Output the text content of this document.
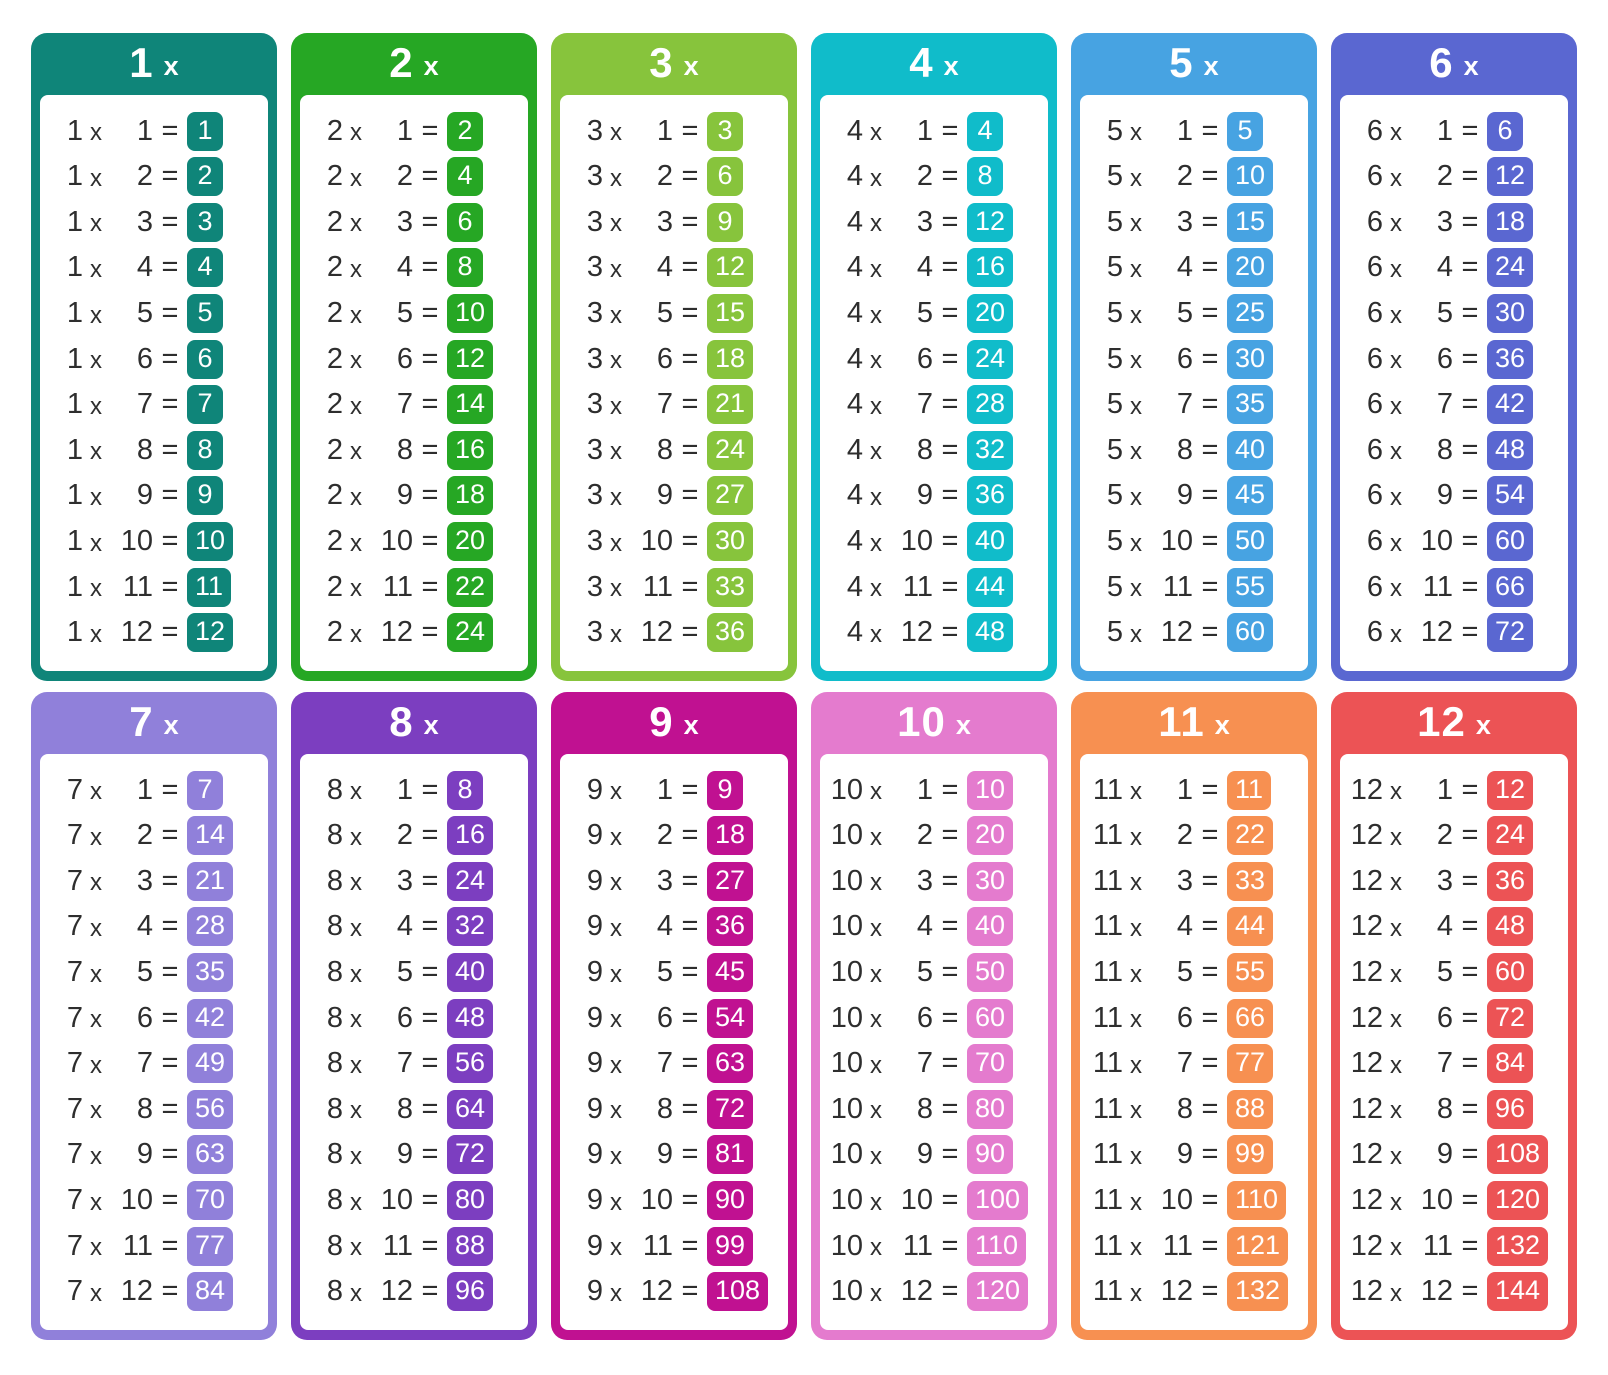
1 x
1 x 1 = 1
1 x 2 = 2
1 x 3 = 3
1 x 4 = 4
1 x 5 = 5
1 x 6 = 6
1 x 7 = 7
1 x 8 = 8
1 x 9 = 9
1 x 10 = 10
1 x 11 = 11
1 x 12 = 12
2 x
2 x 1 = 2
2 x 2 = 4
2 x 3 = 6
2 x 4 = 8
2 x 5 = 10
2 x 6 = 12
2 x 7 = 14
2 x 8 = 16
2 x 9 = 18
2 x 10 = 20
2 x 11 = 22
2 x 12 = 24
3 x
3 x 1 = 3
3 x 2 = 6
3 x 3 = 9
3 x 4 = 12
3 x 5 = 15
3 x 6 = 18
3 x 7 = 21
3 x 8 = 24
3 x 9 = 27
3 x 10 = 30
3 x 11 = 33
3 x 12 = 36
4 x
4 x 1 = 4
4 x 2 = 8
4 x 3 = 12
4 x 4 = 16
4 x 5 = 20
4 x 6 = 24
4 x 7 = 28
4 x 8 = 32
4 x 9 = 36
4 x 10 = 40
4 x 11 = 44
4 x 12 = 48
5 x
5 x 1 = 5
5 x 2 = 10
5 x 3 = 15
5 x 4 = 20
5 x 5 = 25
5 x 6 = 30
5 x 7 = 35
5 x 8 = 40
5 x 9 = 45
5 x 10 = 50
5 x 11 = 55
5 x 12 = 60
6 x
6 x 1 = 6
6 x 2 = 12
6 x 3 = 18
6 x 4 = 24
6 x 5 = 30
6 x 6 = 36
6 x 7 = 42
6 x 8 = 48
6 x 9 = 54
6 x 10 = 60
6 x 11 = 66
6 x 12 = 72
7 x
7 x 1 = 7
7 x 2 = 14
7 x 3 = 21
7 x 4 = 28
7 x 5 = 35
7 x 6 = 42
7 x 7 = 49
7 x 8 = 56
7 x 9 = 63
7 x 10 = 70
7 x 11 = 77
7 x 12 = 84
8 x
8 x 1 = 8
8 x 2 = 16
8 x 3 = 24
8 x 4 = 32
8 x 5 = 40
8 x 6 = 48
8 x 7 = 56
8 x 8 = 64
8 x 9 = 72
8 x 10 = 80
8 x 11 = 88
8 x 12 = 96
9 x
9 x 1 = 9
9 x 2 = 18
9 x 3 = 27
9 x 4 = 36
9 x 5 = 45
9 x 6 = 54
9 x 7 = 63
9 x 8 = 72
9 x 9 = 81
9 x 10 = 90
9 x 11 = 99
9 x 12 = 108
10 x
10 x 1 = 10
10 x 2 = 20
10 x 3 = 30
10 x 4 = 40
10 x 5 = 50
10 x 6 = 60
10 x 7 = 70
10 x 8 = 80
10 x 9 = 90
10 x 10 = 100
10 x 11 = 110
10 x 12 = 120
11 x
11 x 1 = 11
11 x 2 = 22
11 x 3 = 33
11 x 4 = 44
11 x 5 = 55
11 x 6 = 66
11 x 7 = 77
11 x 8 = 88
11 x 9 = 99
11 x 10 = 110
11 x 11 = 121
11 x 12 = 132
12 x
12 x 1 = 12
12 x 2 = 24
12 x 3 = 36
12 x 4 = 48
12 x 5 = 60
12 x 6 = 72
12 x 7 = 84
12 x 8 = 96
12 x 9 = 108
12 x 10 = 120
12 x 11 = 132
12 x 12 = 144
